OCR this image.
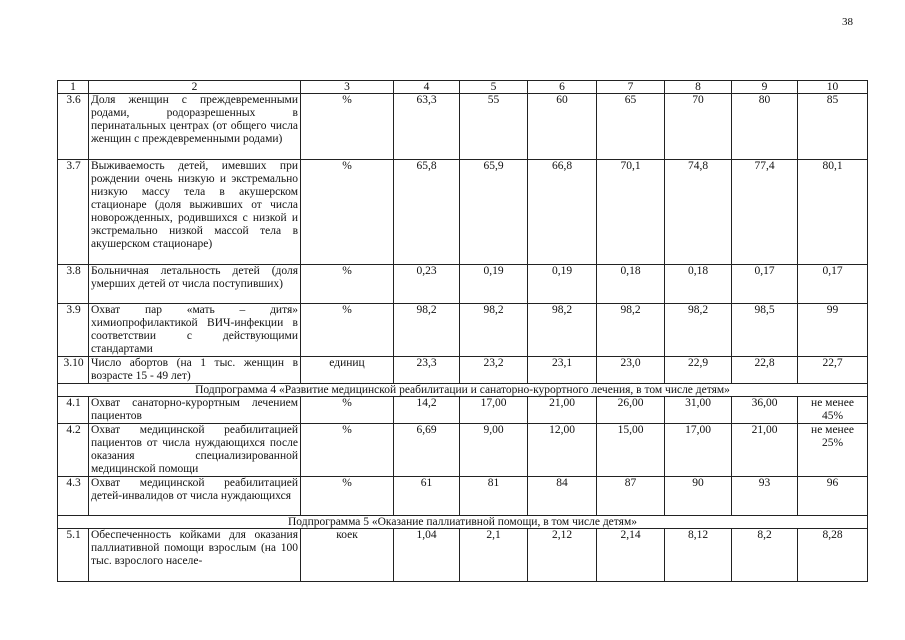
38
1	2	3	4	5	6	7	8	9	10
3.6	Доля женщин с преждевременными родами, родоразрешенных в перинатальных центрах (от общего числа женщин с преждевременными родами)	%	63,3	55	60	65	70	80	85
3.7	Выживаемость детей, имевших при рождении очень низкую и экстремально низкую массу тела в акушерском стационаре (доля выживших от числа новорожденных, родившихся с низкой и экстремально низкой массой тела в акушерском стационаре)	%	65,8	65,9	66,8	70,1	74,8	77,4	80,1
3.8	Больничная летальность детей (доля умерших детей от числа поступивших)	%	0,23	0,19	0,19	0,18	0,18	0,17	0,17
3.9	Охват пар «мать – дитя» химиопрофилактикой ВИЧ-инфекции в соответствии с действующими стандартами	%	98,2	98,2	98,2	98,2	98,2	98,5	99
3.10	Число абортов (на 1 тыс. женщин в возрасте 15 - 49 лет)	единиц	23,3	23,2	23,1	23,0	22,9	22,8	22,7
Подпрограмма 4 «Развитие медицинской реабилитации и санаторно-курортного лечения, в том числе детям»									
4.1	Охват санаторно-курортным лечением пациентов	%	14,2	17,00	21,00	26,00	31,00	36,00	не менее 45%
4.2	Охват медицинской реабилитацией пациентов от числа нуждающихся после оказания специализированной медицинской помощи	%	6,69	9,00	12,00	15,00	17,00	21,00	не менее 25%
4.3	Охват медицинской реабилитацией детей-инвалидов от числа нуждающихся	%	61	81	84	87	90	93	96
Подпрограмма 5 «Оказание паллиативной помощи, в том числе детям»									
5.1	Обеспеченность койками для оказания паллиативной помощи взрослым (на 100 тыс. взрослого населе-	коек	1,04	2,1	2,12	2,14	8,12	8,2	8,28
